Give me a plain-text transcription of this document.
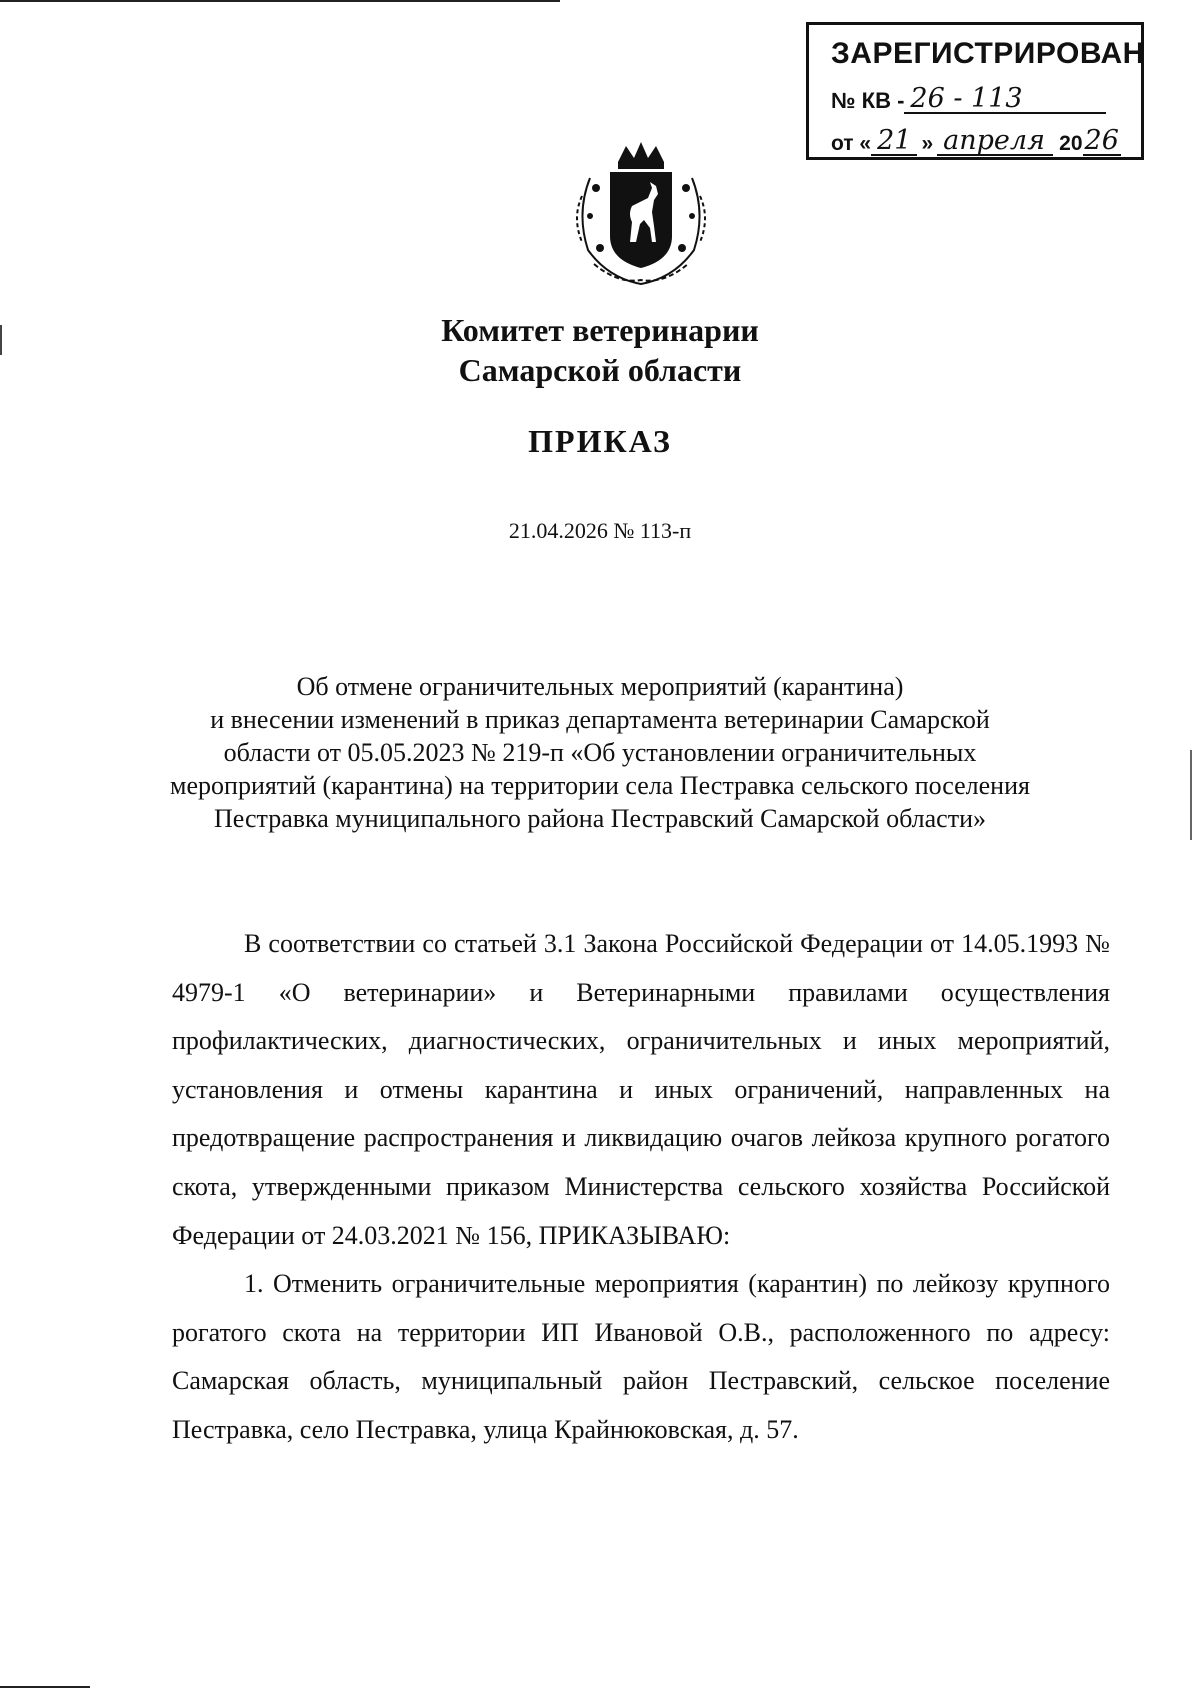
ЗАРЕГИСТРИРОВАН
№ КВ - 26 - 113
от « 21 » апреля 20 26
Комитет ветеринарии
Самарской области
ПРИКАЗ
21.04.2026 № 113-п
Об отмене ограничительных мероприятий (карантина)
и внесении изменений в приказ департамента ветеринарии Самарской
области от 05.05.2023 № 219-п «Об установлении ограничительных
мероприятий (карантина) на территории села Пестравка сельского поселения
Пестравка муниципального района Пестравский Самарской области»

В соответствии со статьей 3.1 Закона Российской Федерации от 14.05.1993 № 4979-1 «О ветеринарии» и Ветеринарными правилами осуществления профилактических, диагностических, ограничительных и иных мероприятий, установления и отмены карантина и иных ограничений, направленных на предотвращение распространения и ликвидацию очагов лейкоза крупного рогатого скота, утвержденными приказом Министерства сельского хозяйства Российской Федерации от 24.03.2021 № 156, ПРИКАЗЫВАЮ:

1. Отменить ограничительные мероприятия (карантин) по лейкозу крупного рогатого скота на территории ИП Ивановой О.В., расположенного по адресу: Самарская область, муниципальный район Пестравский, сельское поселение Пестравка, село Пестравка, улица Крайнюковская, д. 57.
